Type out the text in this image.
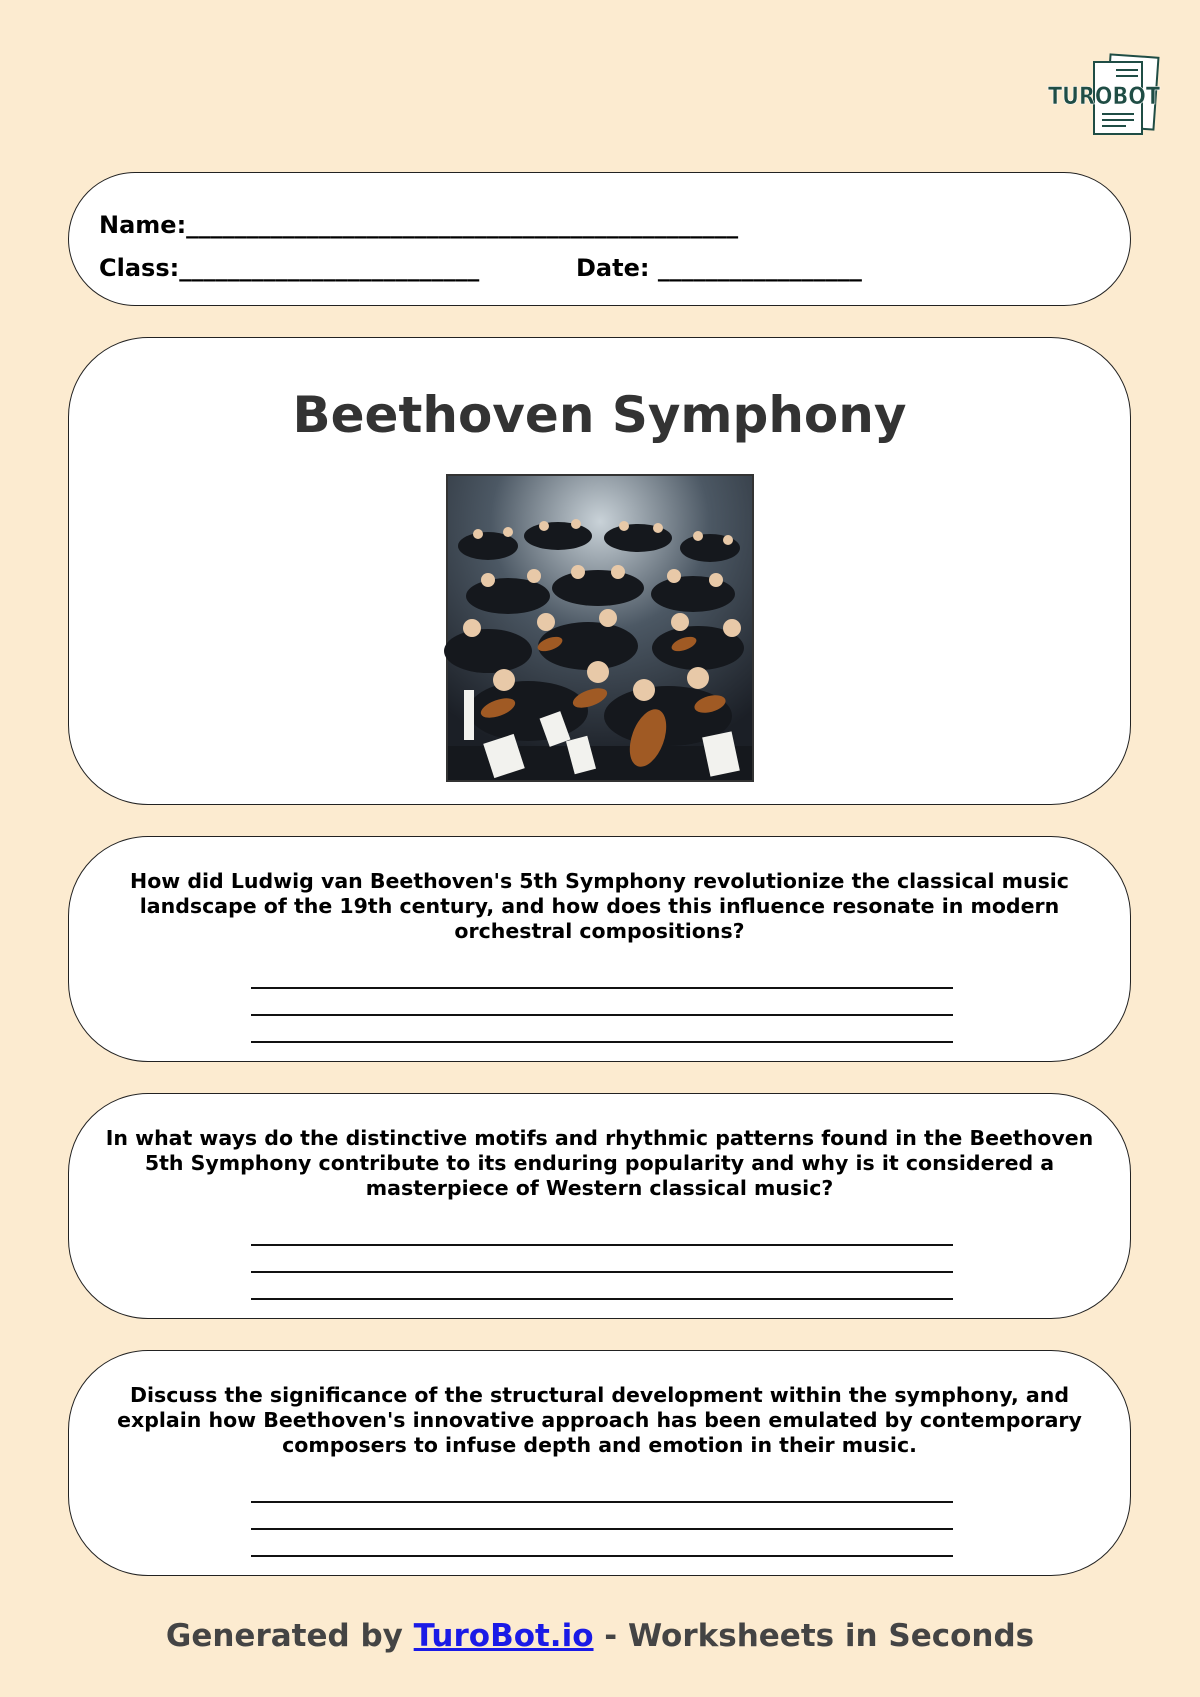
TUROBOT
Name:______________________________________________
Class:_________________________	Date: _________________
Beethoven Symphony
How did Ludwig van Beethoven's 5th Symphony revolutionize the classical music landscape of the 19th century, and how does this influence resonate in modern orchestral compositions?
In what ways do the distinctive motifs and rhythmic patterns found in the Beethoven 5th Symphony contribute to its enduring popularity and why is it considered a masterpiece of Western classical music?
Discuss the significance of the structural development within the symphony, and explain how Beethoven's innovative approach has been emulated by contemporary composers to infuse depth and emotion in their music.
Generated by TuroBot.io - Worksheets in Seconds
